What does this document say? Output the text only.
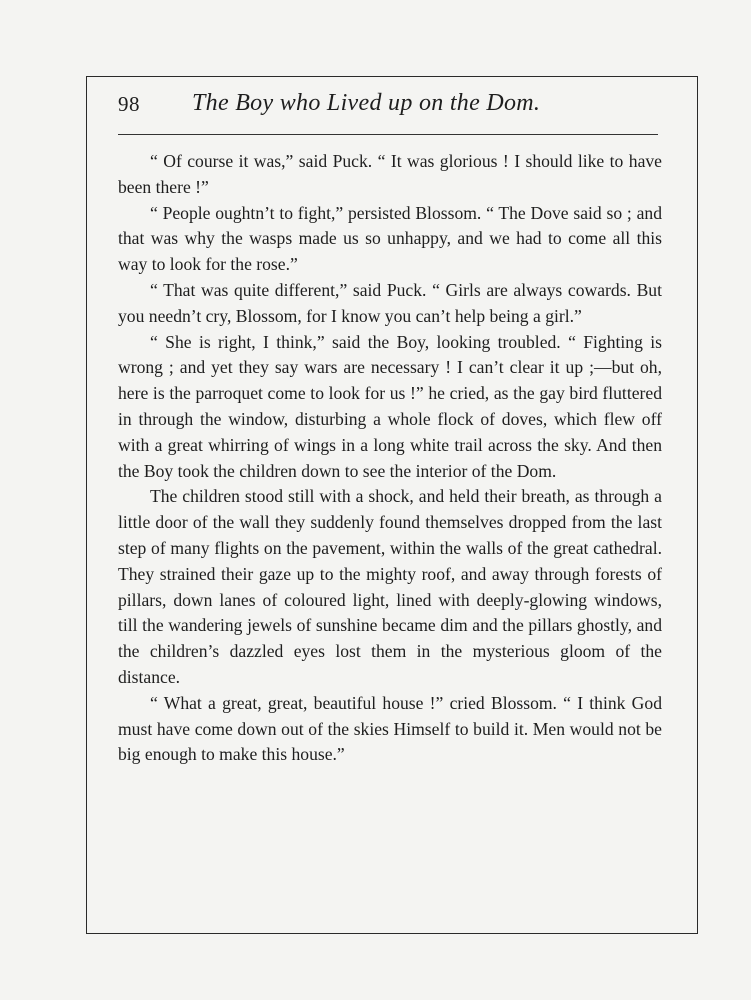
98 The Boy who Lived up on the Dom.

“ Of course it was,” said Puck. “ It was glorious ! I should like to have been there !”

“ People oughtn’t to fight,” persisted Blossom. “ The Dove said so ; and that was why the wasps made us so unhappy, and we had to come all this way to look for the rose.”

“ That was quite different,” said Puck. “ Girls are always cowards. But you needn’t cry, Blossom, for I know you can’t help being a girl.”

“ She is right, I think,” said the Boy, looking troubled. “ Fighting is wrong ; and yet they say wars are necessary ! I can’t clear it up ;—but oh, here is the parroquet come to look for us !” he cried, as the gay bird fluttered in through the window, disturbing a whole flock of doves, which flew off with a great whirring of wings in a long white trail across the sky. And then the Boy took the children down to see the interior of the Dom.

The children stood still with a shock, and held their breath, as through a little door of the wall they suddenly found themselves dropped from the last step of many flights on the pavement, within the walls of the great cathedral. They strained their gaze up to the mighty roof, and away through forests of pillars, down lanes of coloured light, lined with deeply-glowing windows, till the wandering jewels of sunshine became dim and the pillars ghostly, and the children’s dazzled eyes lost them in the mysterious gloom of the distance.

“ What a great, great, beautiful house !” cried Blossom. “ I think God must have come down out of the skies Himself to build it. Men would not be big enough to make this house.”
